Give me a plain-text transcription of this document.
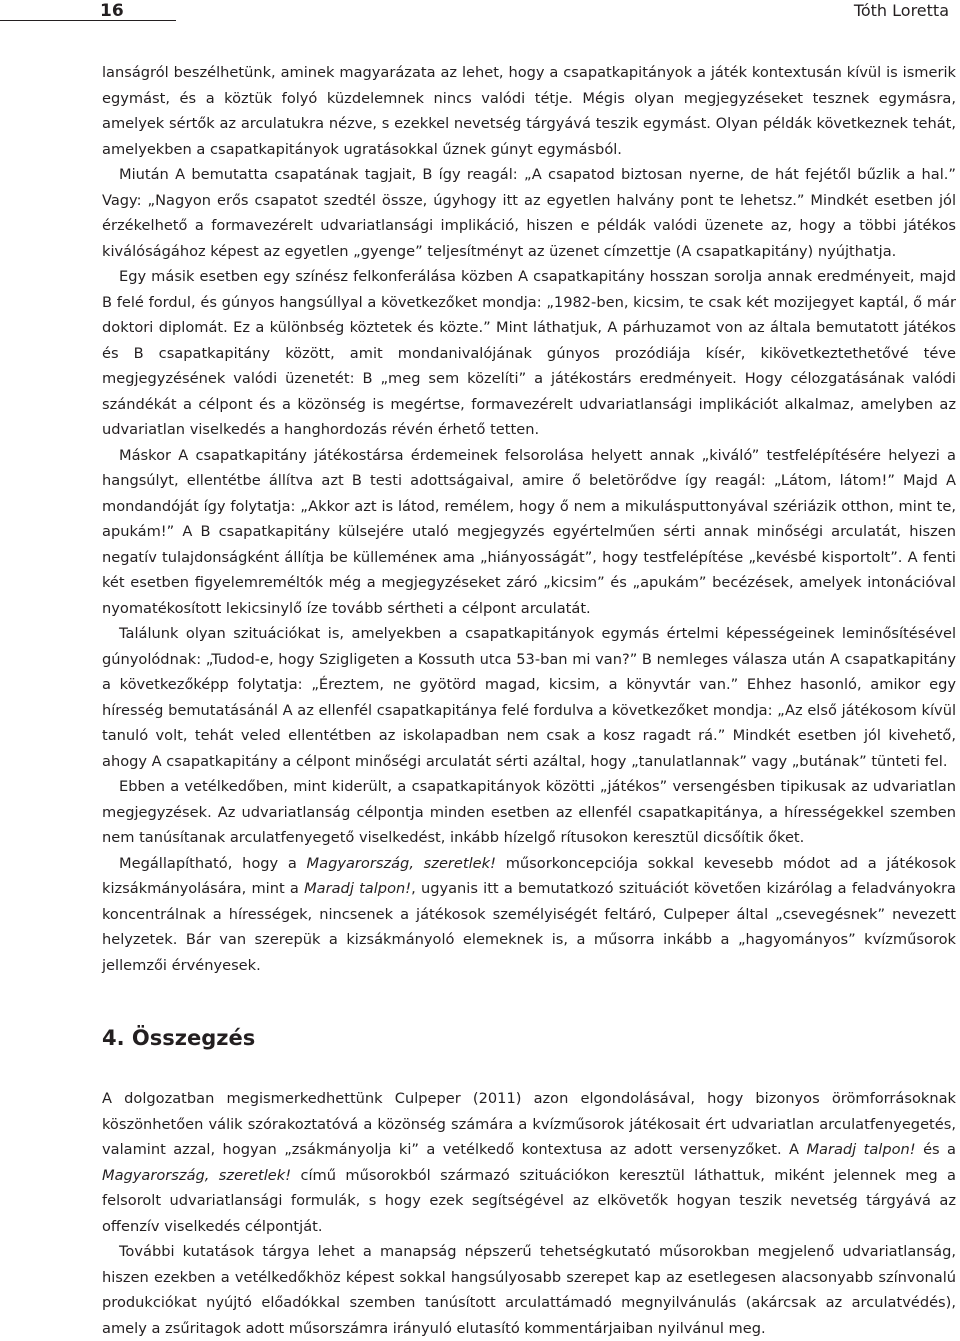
16	Tóth Loretta

lanságról beszélhetünk, aminek magyarázata az lehet, hogy a csapatkapitányok a játék kontextusán kívül is ismerik egymást, és a köztük folyó küzdelemnek nincs valódi tétje. Mégis olyan megjegyzéseket tesznek egymásra, amelyek sértők az arculatukra nézve, s ezekkel nevetség tárgyává teszik egymást. Olyan példák következnek tehát, amelyekben a csapatkapitányok ugratásokkal űznek gúnyt egymásból.

Miután A bemutatta csapatának tagjait, B így reagál: „A csapatod biztosan nyerne, de hát fejétől bűzlik a hal.” Vagy: „Nagyon erős csapatot szedtél össze, úgyhogy itt az egyetlen halvány pont te lehetsz.” Mindkét esetben jól érzékelhető a formavezérelt udvariatlansági implikáció, hiszen e példák valódi üzenete az, hogy a többi játékos kiválóságához képest az egyetlen „gyenge” teljesítményt az üzenet címzettje (A csapatkapitány) nyújthatja.

Egy másik esetben egy színész felkonferálása közben A csapatkapitány hosszan sorolja annak eredményeit, majd B felé fordul, és gúnyos hangsúllyal a következőket mondja: „1982-ben, kicsim, te csak két mozijegyet kaptál, ő már doktori diplomát. Ez a különbség köztetek és közte.” Mint láthatjuk, A párhuzamot von az általa bemutatott játékos és B csapatkapitány között, amit mondanivalójának gúnyos prozódiája kísér, kikövetkeztethetővé téve megjegyzésének valódi üzenetét: B „meg sem közelíti” a játékostárs eredményeit. Hogy célozgatásának valódi szándékát a célpont és a közönség is megértse, formavezérelt udvariatlansági implikációt alkalmaz, amelyben az udvariatlan viselkedés a hanghordozás révén érhető tetten.

Máskor A csapatkapitány játékostársa érdemeinek felsorolása helyett annak „kiváló” testfelépítésére helyezi a hangsúlyt, ellentétbe állítva azt B testi adottságaival, amire ő beletörődve így reagál: „Látom, látom!” Majd A mondandóját így folytatja: „Akkor azt is látod, remélem, hogy ő nem a mikulásputtonyával szériázik otthon, mint te, apukám!” A B csapatkapitány külsejére utaló megjegyzés egyértelműen sérti annak minőségi arculatát, hiszen negatív tulajdonságként állítja be külleméneк ama „hiányosságát”, hogy testfelépítése „kevésbé kisportolt”. A fenti két esetben figyelemreméltók még a megjegyzéseket záró „kicsim” és „apukám” becézések, amelyek intonációval nyomatékosított lekicsinylő íze tovább sértheti a célpont arculatát.

Találunk olyan szituációkat is, amelyekben a csapatkapitányok egymás értelmi képességeinek leminősítésével gúnyolódnak: „Tudod-e, hogy Szigligeten a Kossuth utca 53-ban mi van?” B nemleges válasza után A csapatkapitány a következőképp folytatja: „Éreztem, ne gyötörd magad, kicsim, a könyvtár van.” Ehhez hasonló, amikor egy híresség bemutatásánál A az ellenfél csapatkapitánya felé fordulva a következőket mondja: „Az első játékosom kívül tanuló volt, tehát veled ellentétben az iskolapadban nem csak a kosz ragadt rá.” Mindkét esetben jól kivehető, ahogy A csapatkapitány a célpont minőségi arculatát sérti azáltal, hogy „tanulatlannak” vagy „butának” tünteti fel.

Ebben a vetélkedőben, mint kiderült, a csapatkapitányok közötti „játékos” versengésben tipikusak az udvariatlan megjegyzések. Az udvariatlanság célpontja minden esetben az ellenfél csapatkapitánya, a hírességekkel szemben nem tanúsítanak arculatfenyegető viselkedést, inkább hízelgő rítusokon keresztül dicsőítik őket.

Megállapítható, hogy a Magyarország, szeretlek! műsorkoncepciója sokkal kevesebb módot ad a játékosok kizsákmányolására, mint a Maradj talpon!, ugyanis itt a bemutatkozó szituációt követően kizárólag a feladványokra koncentrálnak a hírességek, nincsenek a játékosok személyiségét feltáró, Culpeper által „csevegésnek” nevezett helyzetek. Bár van szerepük a kizsákmányoló elemeknek is, a műsorra inkább a „hagyományos” kvízműsorok jellemzői érvényesek.

4. Összegzés

A dolgozatban megismerkedhettünk Culpeper (2011) azon elgondolásával, hogy bizonyos örömforrásoknak köszönhetően válik szórakoztatóvá a közönség számára a kvízműsorok játékosait ért udvariatlan arculatfenyegetés, valamint azzal, hogyan „zsákmányolja ki” a vetélkedő kontextusa az adott versenyzőket. A Maradj talpon! és a Magyarország, szeretlek! című műsorokból származó szituációkon keresztül láthattuk, miként jelennek meg a felsorolt udvariatlansági formulák, s hogy ezek segítségével az elkövetők hogyan teszik nevetség tárgyává az offenzív viselkedés célpontját.

További kutatások tárgya lehet a manapság népszerű tehetségkutató műsorokban megjelenő udvariatlanság, hiszen ezekben a vetélkedőkhöz képest sokkal hangsúlyosabb szerepet kap az esetlegesen alacsonyabb színvonalú produkciókat nyújtó előadókkal szemben tanúsított arculattámadó megnyilvánulás (akárcsak az arculatvédés), amely a zsűritagok adott műsorszámra irányuló elutasító kommentárjaiban nyilvánul meg.
